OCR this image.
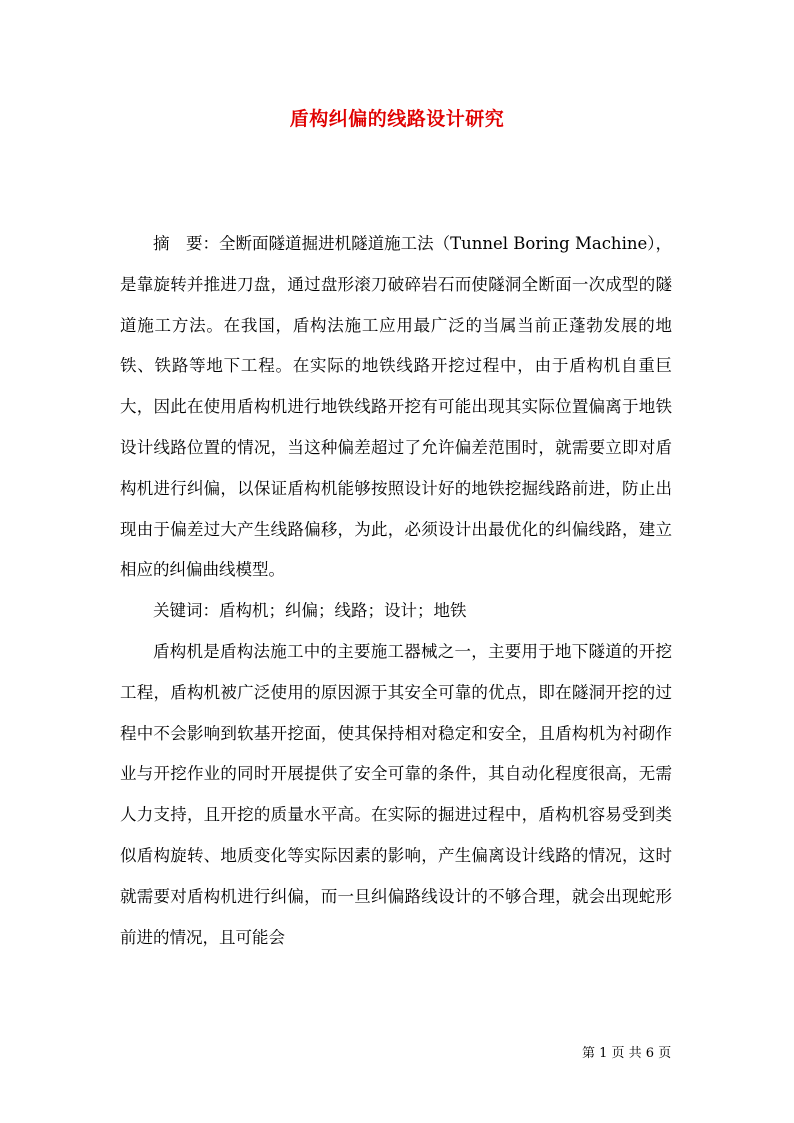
盾构纠偏的线路设计研究

摘　要：全断面隧道掘进机隧道施工法（Tunnel Boring Machine），是靠旋转并推进刀盘，通过盘形滚刀破碎岩石而使隧洞全断面一次成型的隧道施工方法。在我国，盾构法施工应用最广泛的当属当前正蓬勃发展的地铁、铁路等地下工程。在实际的地铁线路开挖过程中，由于盾构机自重巨大，因此在使用盾构机进行地铁线路开挖有可能出现其实际位置偏离于地铁设计线路位置的情况，当这种偏差超过了允许偏差范围时，就需要立即对盾构机进行纠偏，以保证盾构机能够按照设计好的地铁挖掘线路前进，防止出现由于偏差过大产生线路偏移，为此，必须设计出最优化的纠偏线路，建立相应的纠偏曲线模型。

关键词：盾构机；纠偏；线路；设计；地铁

盾构机是盾构法施工中的主要施工器械之一，主要用于地下隧道的开挖工程，盾构机被广泛使用的原因源于其安全可靠的优点，即在隧洞开挖的过程中不会影响到软基开挖面，使其保持相对稳定和安全，且盾构机为衬砌作业与开挖作业的同时开展提供了安全可靠的条件，其自动化程度很高，无需人力支持，且开挖的质量水平高。在实际的掘进过程中，盾构机容易受到类似盾构旋转、地质变化等实际因素的影响，产生偏离设计线路的情况，这时就需要对盾构机进行纠偏，而一旦纠偏路线设计的不够合理，就会出现蛇形前进的情况，且可能会

第 1 页 共 6 页
